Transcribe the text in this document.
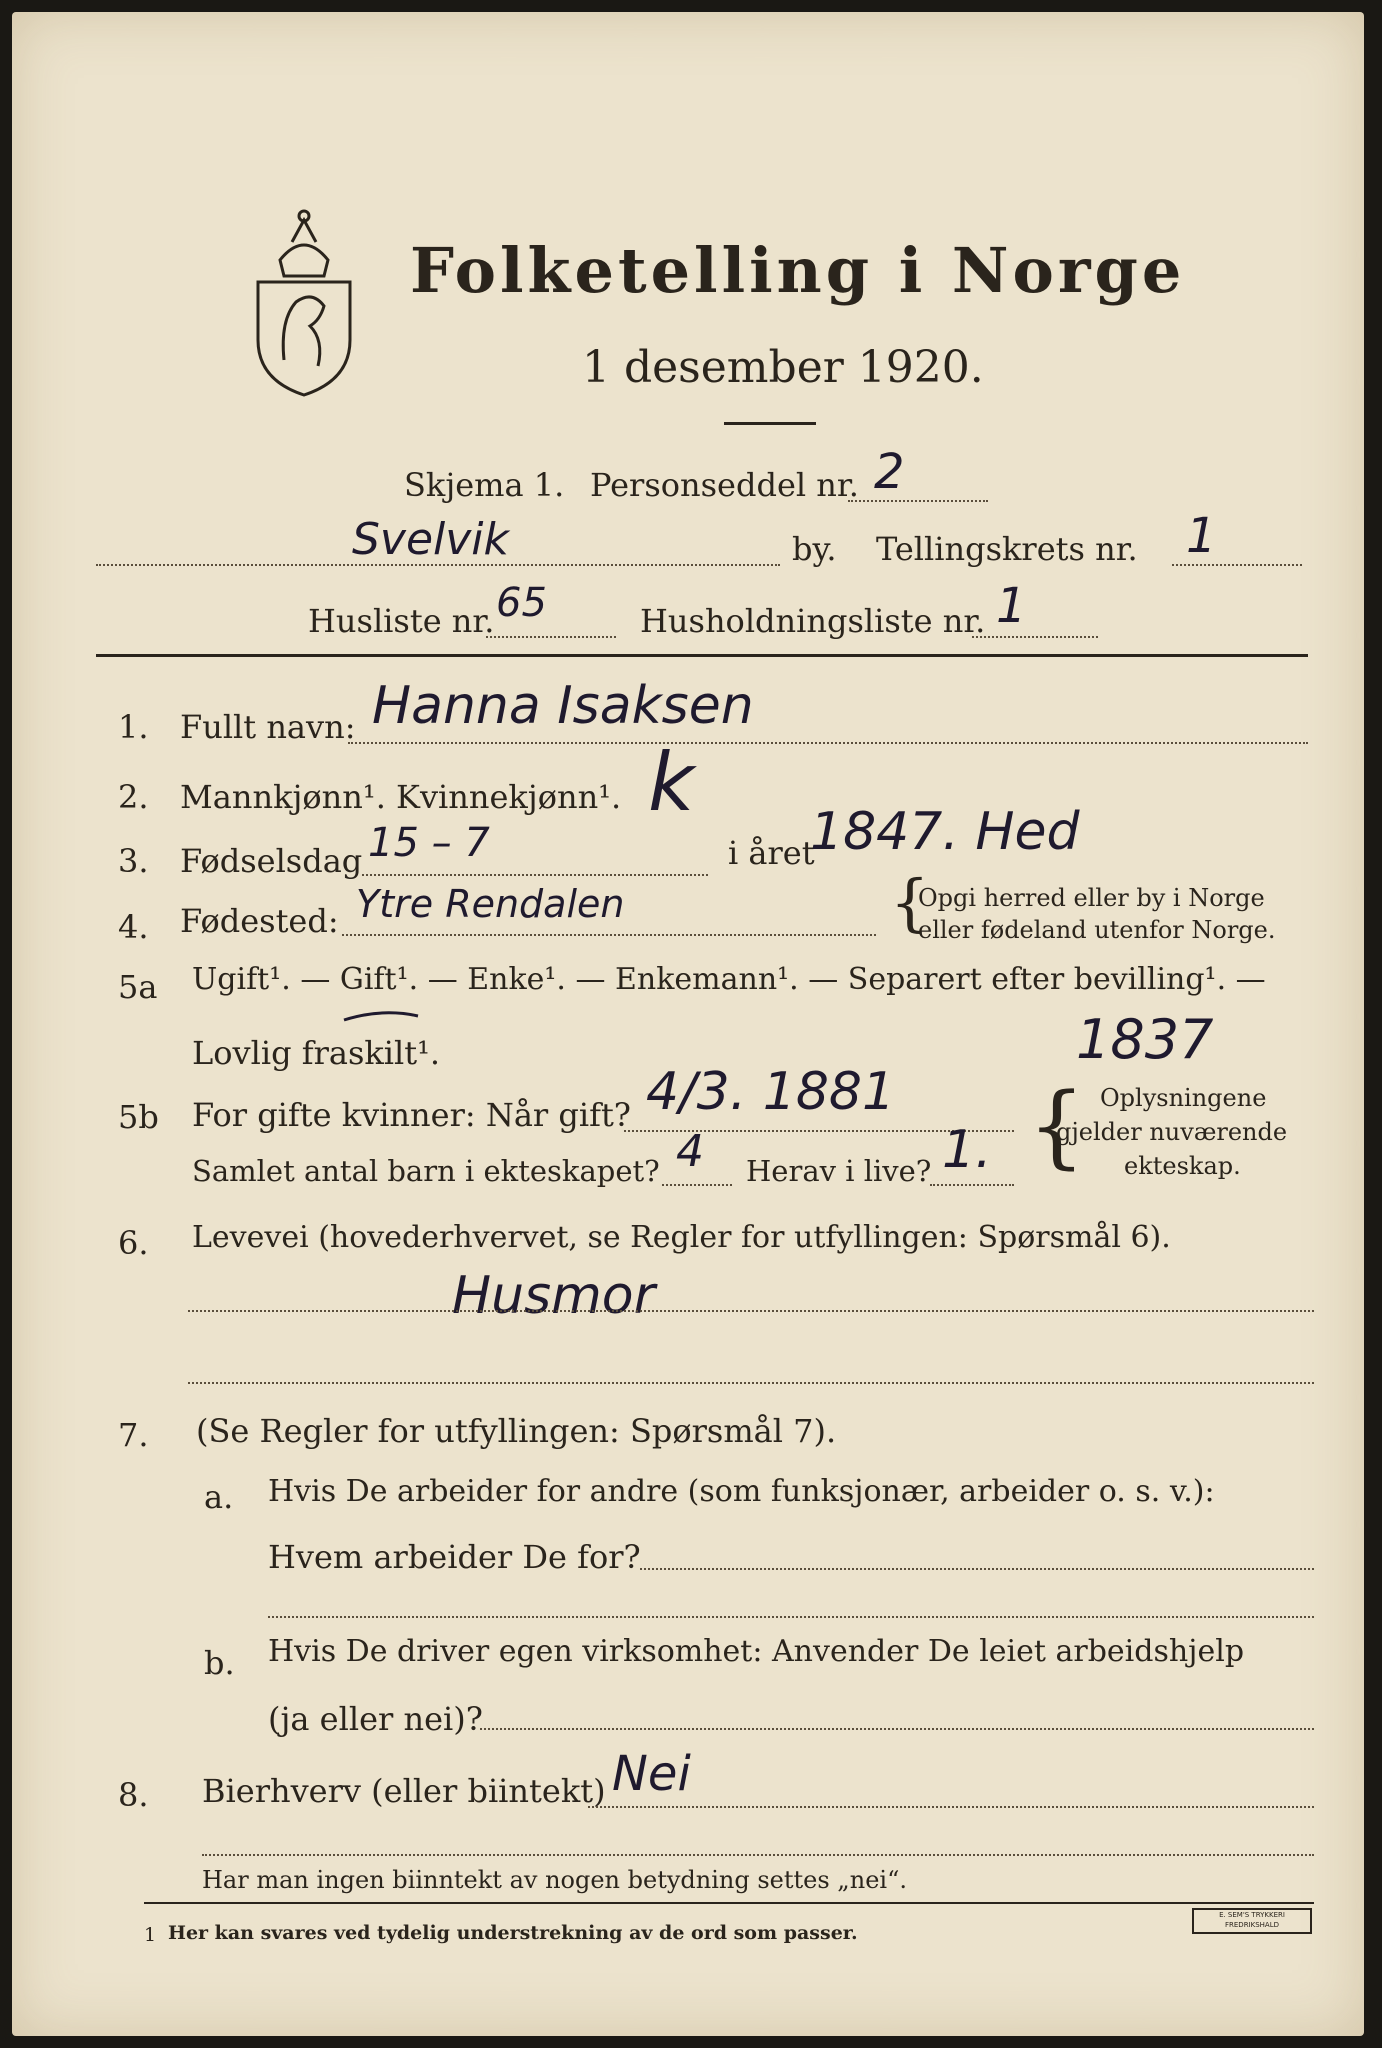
Folketelling i Norge
1 desember 1920.
Skjema 1. Personseddel nr. 2
Svelvik	by. Tellingskrets nr. 1
Husliste nr. 65	Husholdningsliste nr. 1
1. Fullt navn: Hanna Isaksen
2. Mannkjønn¹. Kvinnekjønn¹. k
3. Fødselsdag 15 – 7	i året
1847. Hed
4. Fødested: Ytre Rendalen	{
Opgi herred eller by i Norge
eller fødeland utenfor Norge.
5a Ugift¹. — Gift¹. — Enke¹. — Enkemann¹. — Separert efter bevilling¹. —
Lovlig fraskilt¹.	1837
5b For gifte kvinner: Når gift? 4/3. 1881
Samlet antal barn i ekteskapet? 4 Herav i live? 1. { Oplysningene
gjelder nuværende
ekteskap.
6. Levevei (hovederhvervet, se Regler for utfyllingen: Spørsmål 6).
Husmor
7. (Se Regler for utfyllingen: Spørsmål 7).
a. Hvis De arbeider for andre (som funksjonær, arbeider o. s. v.):
Hvem arbeider De for?
b. Hvis De driver egen virksomhet: Anvender De leiet arbeidshjelp
(ja eller nei)?
8. Bierhverv (eller biintekt) Nei
Har man ingen biinntekt av nogen betydning settes „nei“.
1 Her kan svares ved tydelig understrekning av de ord som passer.
E. SEM'S TRYKKERI FREDRIKSHALD
